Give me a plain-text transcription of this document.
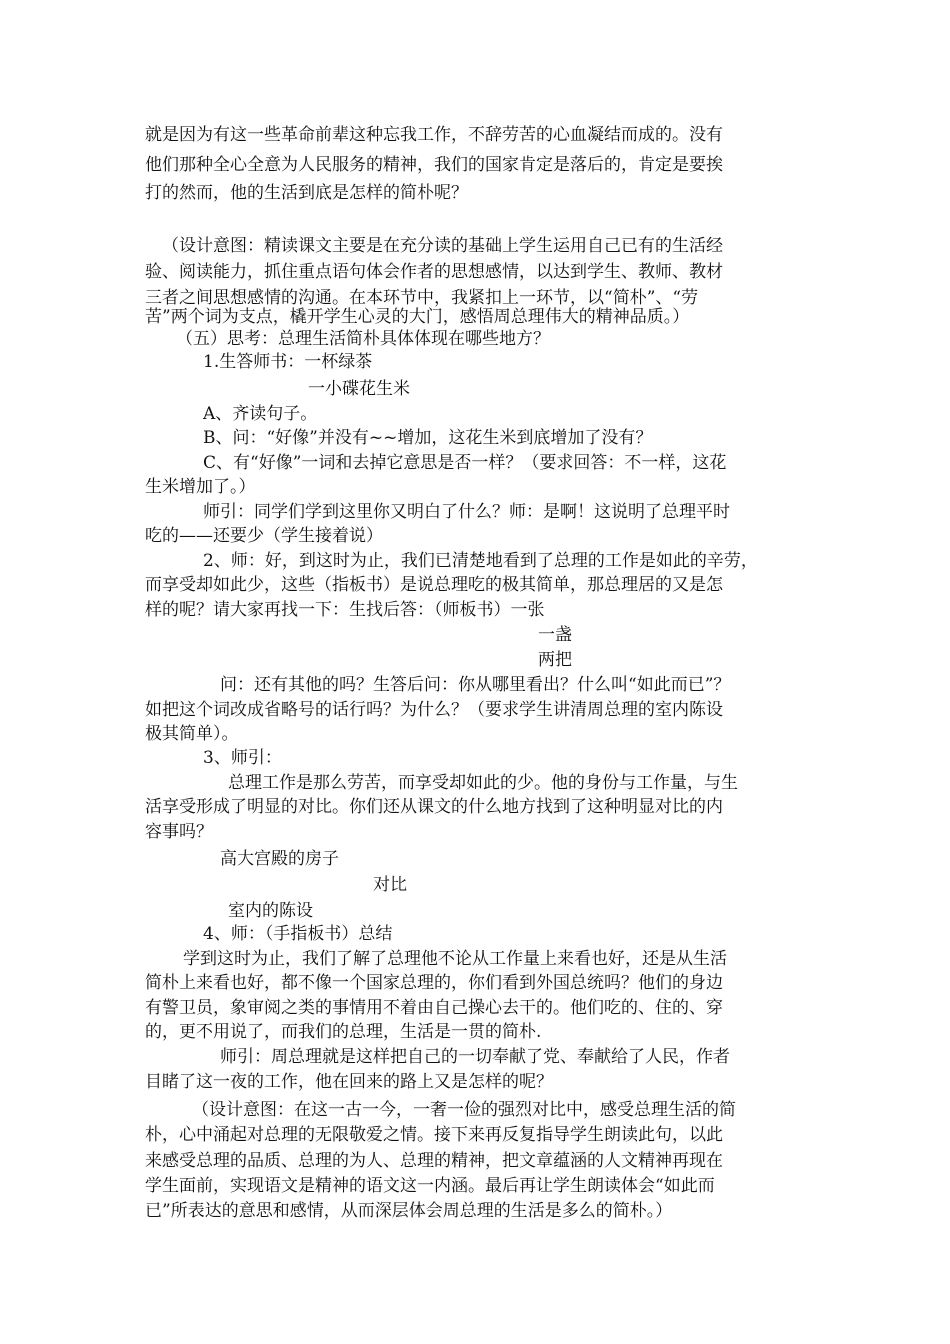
就是因为有这一些革命前辈这种忘我工作，不辞劳苦的心血凝结而成的。没有
他们那种全心全意为人民服务的精神，我们的国家肯定是落后的，肯定是要挨
打的然而，他的生活到底是怎样的简朴呢？
（设计意图：精读课文主要是在充分读的基础上学生运用自己已有的生活经
验、阅读能力，抓住重点语句体会作者的思想感情，以达到学生、教师、教材
三者之间思想感情的沟通。在本环节中，我紧扣上一环节，以“简朴”、“劳
苦”两个词为支点，橇开学生心灵的大门，感悟周总理伟大的精神品质。）
（五）思考：总理生活简朴具体体现在哪些地方？
1.生答师书：一杯绿茶
一小碟花生米
A、齐读句子。
B、问：“好像”并没有~~增加，这花生米到底增加了没有？
C、有“好像”一词和去掉它意思是否一样？（要求回答：不一样，这花
生米增加了。）
师引：同学们学到这里你又明白了什么？师：是啊！这说明了总理平时
吃的——还要少（学生接着说）
2、师：好，到这时为止，我们已清楚地看到了总理的工作是如此的辛劳，
而享受却如此少，这些（指板书）是说总理吃的极其简单，那总理居的又是怎
样的呢？请大家再找一下：生找后答：（师板书）一张
一盏
两把
问：还有其他的吗？生答后问：你从哪里看出？什么叫“如此而已”？
如把这个词改成省略号的话行吗？为什么？（要求学生讲清周总理的室内陈设
极其简单）。
3、师引：
总理工作是那么劳苦，而享受却如此的少。他的身份与工作量，与生
活享受形成了明显的对比。你们还从课文的什么地方找到了这种明显对比的内
容事吗？
高大宫殿的房子
对比
室内的陈设
4、师：（手指板书）总结
学到这时为止，我们了解了总理他不论从工作量上来看也好，还是从生活
简朴上来看也好，都不像一个国家总理的，你们看到外国总统吗？他们的身边
有警卫员，象审阅之类的事情用不着由自己操心去干的。他们吃的、住的、穿
的，更不用说了，而我们的总理，生活是一贯的简朴.
师引：周总理就是这样把自己的一切奉献了党、奉献给了人民，作者
目睹了这一夜的工作，他在回来的路上又是怎样的呢？
（设计意图：在这一古一今，一奢一俭的强烈对比中，感受总理生活的简
朴，心中涌起对总理的无限敬爱之情。接下来再反复指导学生朗读此句，以此
来感受总理的品质、总理的为人、总理的精神，把文章蕴涵的人文精神再现在
学生面前，实现语文是精神的语文这一内涵。最后再让学生朗读体会“如此而
已”所表达的意思和感情，从而深层体会周总理的生活是多么的简朴。）
